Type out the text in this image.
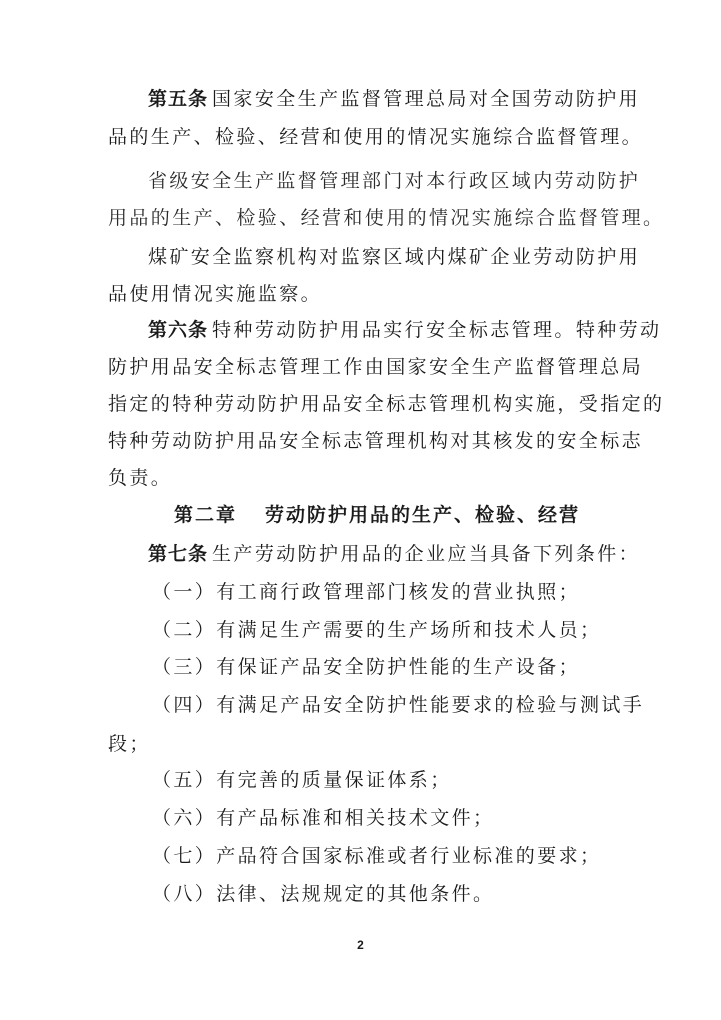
第五条 国家安全生产监督管理总局对全国劳动防护用
品的生产、检验、经营和使用的情况实施综合监督管理。
省级安全生产监督管理部门对本行政区域内劳动防护
用品的生产、检验、经营和使用的情况实施综合监督管理。
煤矿安全监察机构对监察区域内煤矿企业劳动防护用
品使用情况实施监察。
第六条 特种劳动防护用品实行安全标志管理。特种劳动
防护用品安全标志管理工作由国家安全生产监督管理总局
指定的特种劳动防护用品安全标志管理机构实施，受指定的
特种劳动防护用品安全标志管理机构对其核发的安全标志
负责。
第二章 劳动防护用品的生产、检验、经营
第七条 生产劳动防护用品的企业应当具备下列条件：
（一）有工商行政管理部门核发的营业执照；
（二）有满足生产需要的生产场所和技术人员；
（三）有保证产品安全防护性能的生产设备；
（四）有满足产品安全防护性能要求的检验与测试手
段；
（五）有完善的质量保证体系；
（六）有产品标准和相关技术文件；
（七）产品符合国家标准或者行业标准的要求；
（八）法律、法规规定的其他条件。
2
